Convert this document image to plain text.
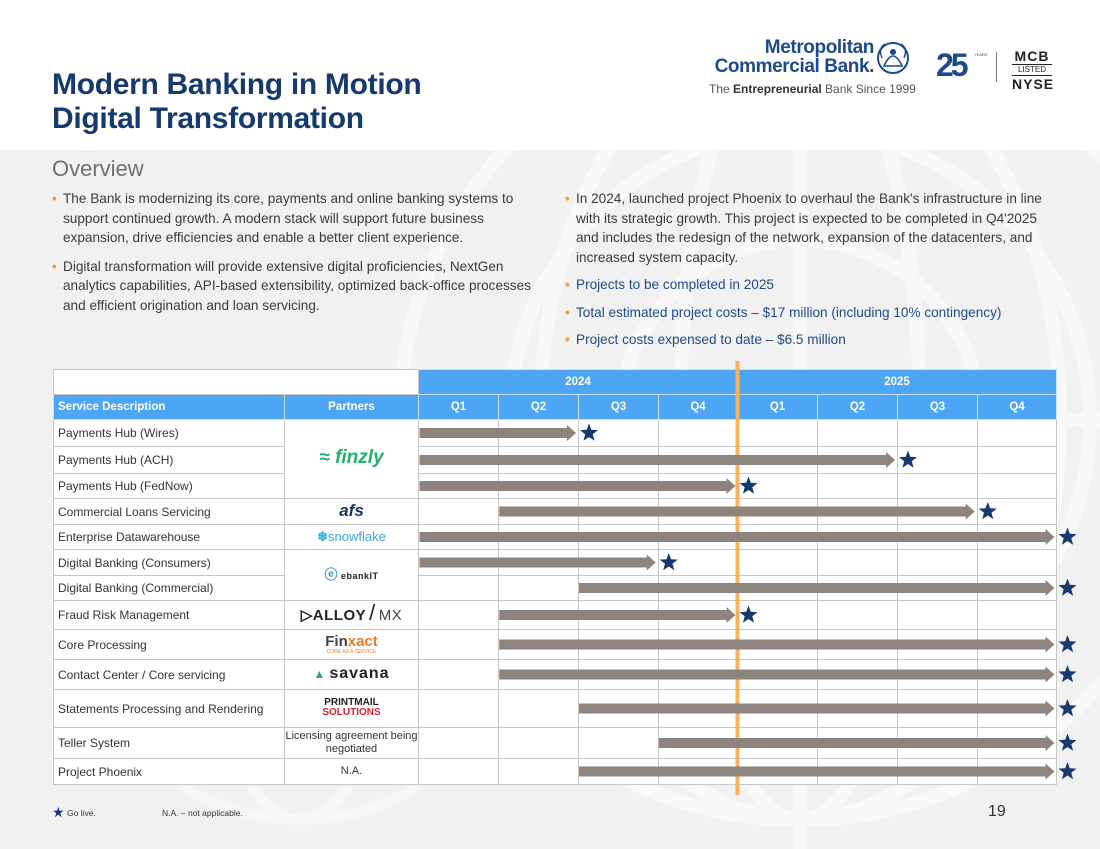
Modern Banking in Motion
Digital Transformation
Metropolitan
Commercial Bank.
The Entrepreneurial Bank Since 1999
25 YEARS MCB
LISTED
NYSE
Overview
• The Bank is modernizing its core, payments and online banking systems to support continued growth. A modern stack will support future business expansion, drive efficiencies and enable a better client experience.
• Digital transformation will provide extensive digital proficiencies, NextGen analytics capabilities, API-based extensibility, optimized back-office processes and efficient origination and loan servicing.
• In 2024, launched project Phoenix to overhaul the Bank's infrastructure in line with its strategic growth. This project is expected to be completed in Q4'2025 and includes the redesign of the network, expansion of the datacenters, and increased system capacity.
• Projects to be completed in 2025
• Total estimated project costs – $17 million (including 10% contingency)
• Project costs expensed to date – $6.5 million
		2024				2025			
Service Description	Partners	Q1	Q2	Q3	Q4	Q1	Q2	Q3	Q4
Payments Hub (Wires)	≈ finzly								
Payments Hub (ACH)									
Payments Hub (FedNow)									
Commercial Loans Servicing	afs								
Enterprise Datawarehouse	❄snowflake								
Digital Banking (Consumers)	ⓔ ebankIT								
Digital Banking (Commercial)									
Fraud Risk Management	▷ALLOY / MX								
Core Processing	Finxact
CORE AS A SERVICE								

Contact Center / Core servicing	▲ savana								
Statements Processing and Rendering	PRINTMAIL
SOLUTIONS								
Teller System	Licensing agreement being negotiated								
Project Phoenix	N.A.								
★ Go live.	N.A. – not applicable.	19
